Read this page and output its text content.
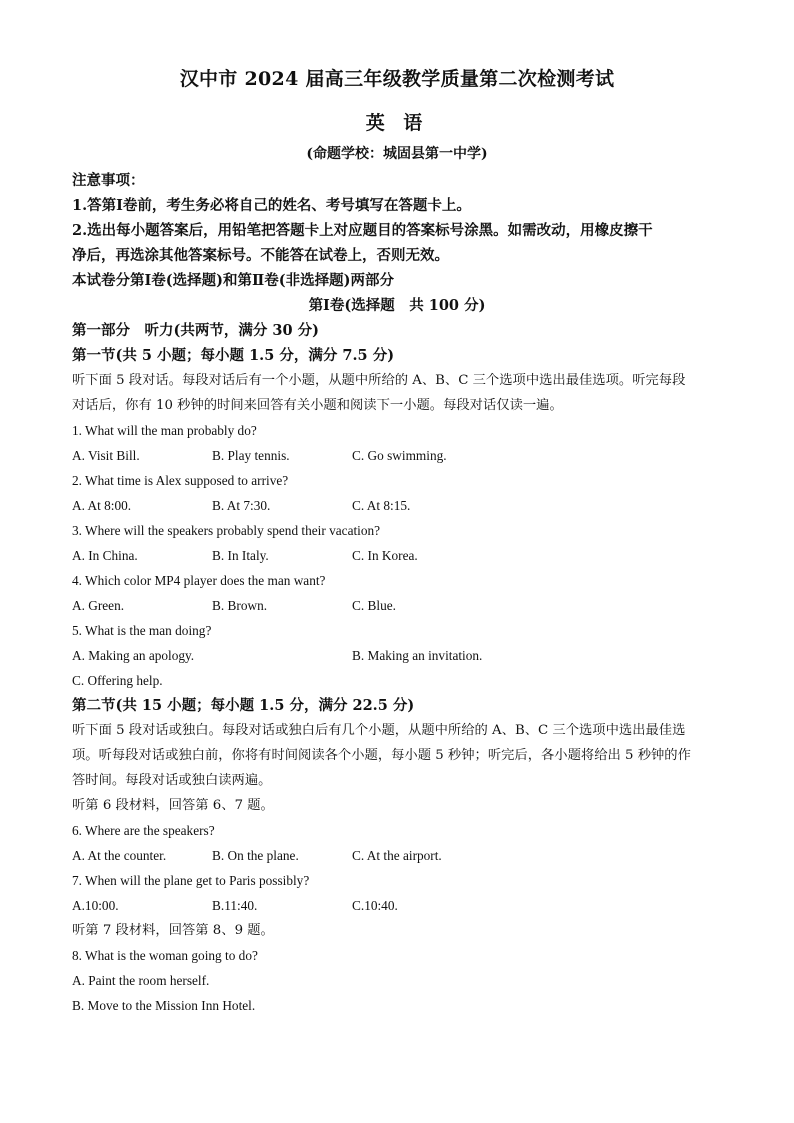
汉中市 2024 届高三年级教学质量第二次检测考试
英 语
(命题学校：城固县第一中学)
注意事项：
1.答第Ⅰ卷前，考生务必将自己的姓名、考号填写在答题卡上。
2.选出每小题答案后，用铅笔把答题卡上对应题目的答案标号涂黑。如需改动，用橡皮擦干
净后，再选涂其他答案标号。不能答在试卷上，否则无效。
本试卷分第Ⅰ卷(选择题)和第Ⅱ卷(非选择题)两部分
第Ⅰ卷(选择题　共 100 分)
第一部分　听力(共两节，满分 30 分)
第一节(共 5 小题；每小题 1.5 分，满分 7.5 分)
听下面 5 段对话。每段对话后有一个小题，从题中所给的 A、B、C 三个选项中选出最佳选项。听完每段
对话后，你有 10 秒钟的时间来回答有关小题和阅读下一小题。每段对话仅读一遍。
1. What will the man probably do?
A. Visit Bill.	B. Play tennis.	C. Go swimming.
2. What time is Alex supposed to arrive?
A. At 8:00.	B. At 7:30.	C. At 8:15.
3. Where will the speakers probably spend their vacation?
A. In China.	B. In Italy.	C. In Korea.
4. Which color MP4 player does the man want?
A. Green.	B. Brown.	C. Blue.
5. What is the man doing?
A. Making an apology.	B. Making an invitation.
C. Offering help.
第二节(共 15 小题；每小题 1.5 分，满分 22.5 分)
听下面 5 段对话或独白。每段对话或独白后有几个小题，从题中所给的 A、B、C 三个选项中选出最佳选
项。听每段对话或独白前，你将有时间阅读各个小题，每小题 5 秒钟；听完后，各小题将给出 5 秒钟的作
答时间。每段对话或独白读两遍。
听第 6 段材料，回答第 6、7 题。
6. Where are the speakers?
A. At the counter.	B. On the plane.	C. At the airport.
7. When will the plane get to Paris possibly?
A.10:00.	B.11:40.	C.10:40.
听第 7 段材料，回答第 8、9 题。
8. What is the woman going to do?
A. Paint the room herself.
B. Move to the Mission Inn Hotel.
